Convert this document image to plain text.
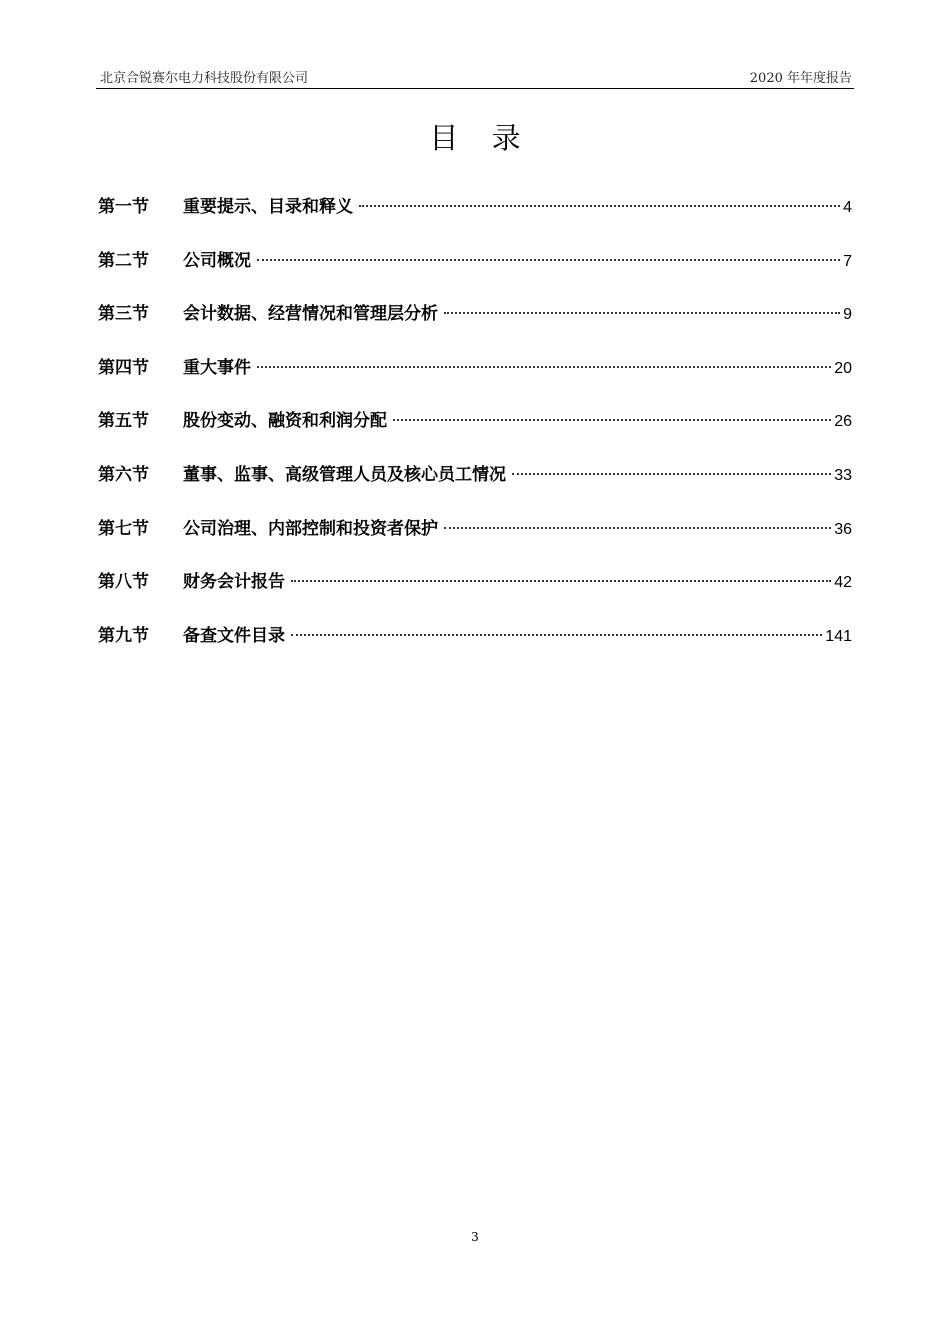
北京合锐赛尔电力科技股份有限公司	2020 年年度报告
目 录
第一节	重要提示、目录和释义	4
第二节	公司概况	7
第三节	会计数据、经营情况和管理层分析	9
第四节	重大事件	20
第五节	股份变动、融资和利润分配	26
第六节	董事、监事、高级管理人员及核心员工情况	33
第七节	公司治理、内部控制和投资者保护	36
第八节	财务会计报告	42
第九节	备查文件目录	141
3
